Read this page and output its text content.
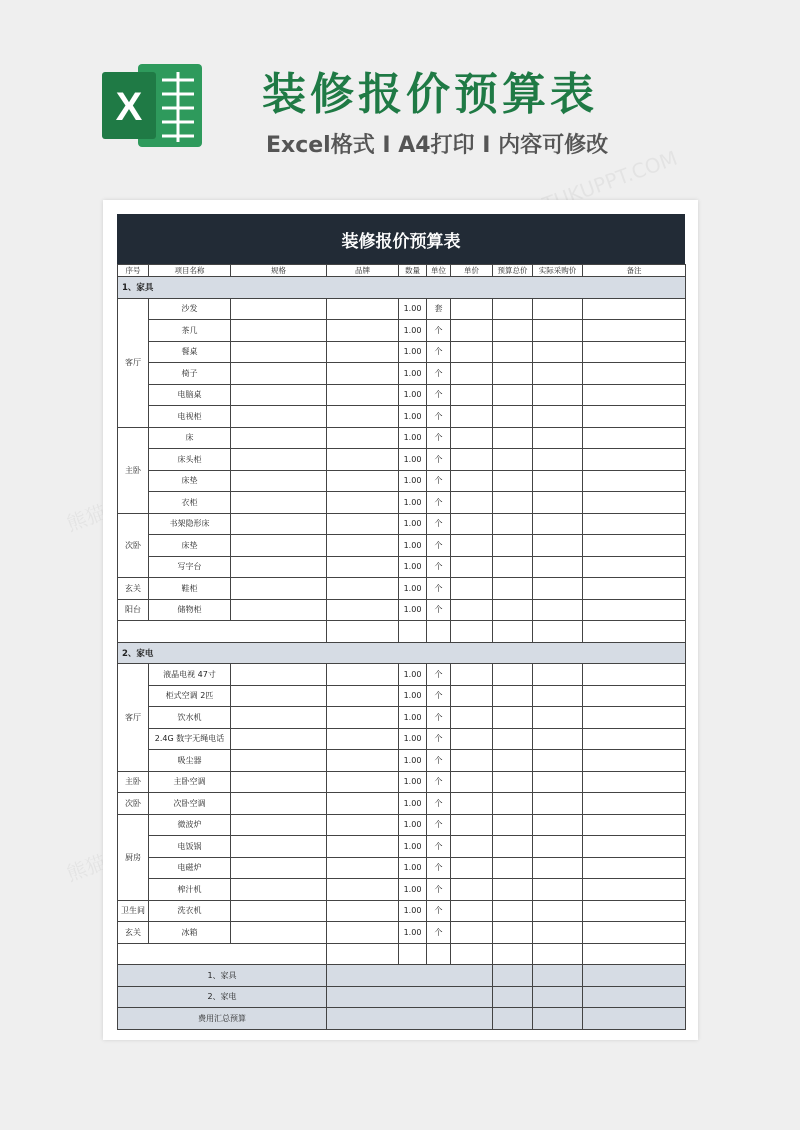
X	装修报价预算表
Excel格式 I A4打印 I 内容可修改
装修报价预算表
序号	项目名称	规格	品牌	数量	单位	单价	预算总价	实际采购价	备注
1、家具									
客厅	沙发			1.00	套				
	茶几			1.00	个				
	餐桌			1.00	个				
	椅子			1.00	个				
	电脑桌			1.00	个				
	电视柜			1.00	个				
主卧	床			1.00	个				
	床头柜			1.00	个				
	床垫			1.00	个				
	衣柜			1.00	个				
次卧	书架隐形床			1.00	个				
	床垫			1.00	个				
	写字台			1.00	个				
玄关	鞋柜			1.00	个				
阳台	储物柜			1.00	个				

2、家电									
客厅	液晶电视 47寸			1.00	个				
	柜式空调 2匹			1.00	个				
	饮水机			1.00	个				
	2.4G 数字无绳电话			1.00	个				
	吸尘器			1.00	个				
主卧	主卧空调			1.00	个				
次卧	次卧空调			1.00	个				
厨房	微波炉			1.00	个				
	电饭锅			1.00	个				
	电磁炉			1.00	个				
	榨汁机			1.00	个				
卫生间	洗衣机			1.00	个				
玄关	冰箱			1.00	个				

1、家具									
2、家电									
费用汇总预算									
